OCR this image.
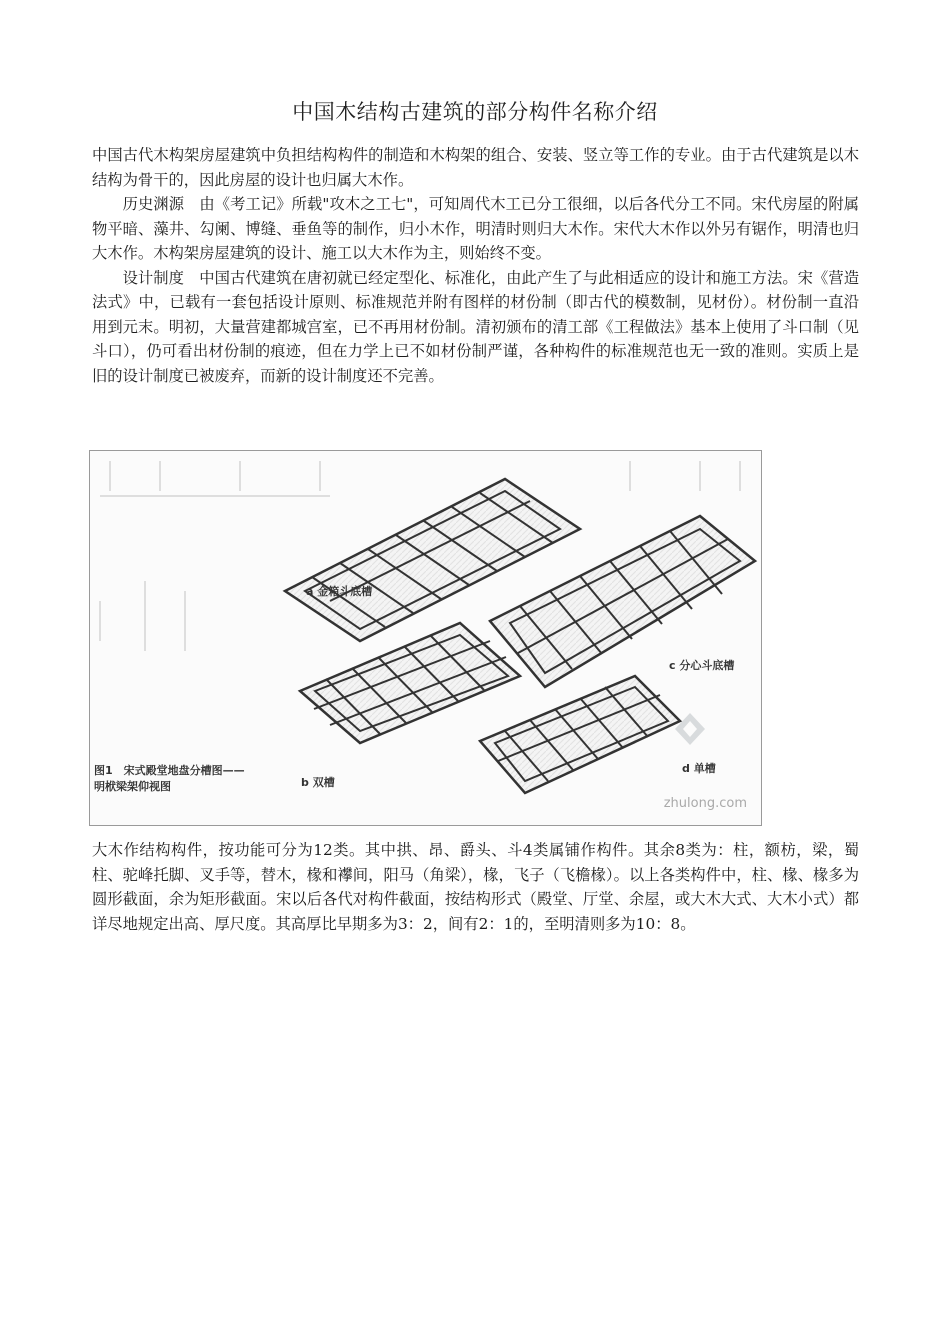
中国木结构古建筑的部分构件名称介绍

中国古代木构架房屋建筑中负担结构构件的制造和木构架的组合、安装、竖立等工作的专业。由于古代建筑是以木结构为骨干的，因此房屋的设计也归属大木作。

历史渊源　由《考工记》所载"攻木之工七"，可知周代木工已分工很细，以后各代分工不同。宋代房屋的附属物平暗、藻井、勾阑、博缝、垂鱼等的制作，归小木作，明清时则归大木作。宋代大木作以外另有锯作，明清也归大木作。木构架房屋建筑的设计、施工以大木作为主，则始终不变。

设计制度　中国古代建筑在唐初就已经定型化、标准化，由此产生了与此相适应的设计和施工方法。宋《营造法式》中，已载有一套包括设计原则、标准规范并附有图样的材份制（即古代的模数制，见材份）。材份制一直沿用到元末。明初，大量营建都城宫室，已不再用材份制。清初颁布的清工部《工程做法》基本上使用了斗口制（见斗口），仍可看出材份制的痕迹，但在力学上已不如材份制严谨，各种构件的标准规范也无一致的准则。实质上是旧的设计制度已被废弃，而新的设计制度还不完善。

a 金箱斗底槽
c 分心斗底槽
b 双槽
d 单槽
图1　宋式殿堂地盘分槽图——
明栿梁架仰视图
zhulong.com

大木作结构构件，按功能可分为12类。其中拱、昂、爵头、斗4类属铺作构件。其余8类为：柱，额枋，梁，蜀柱、驼峰托脚、叉手等，替木，椽和襻间，阳马（角梁），椽，飞子（飞檐椽）。以上各类构件中，柱、椽、椽多为圆形截面，余为矩形截面。宋以后各代对构件截面，按结构形式（殿堂、厅堂、余屋，或大木大式、大木小式）都详尽地规定出高、厚尺度。其高厚比早期多为3：2，间有2：1的，至明清则多为10：8。
